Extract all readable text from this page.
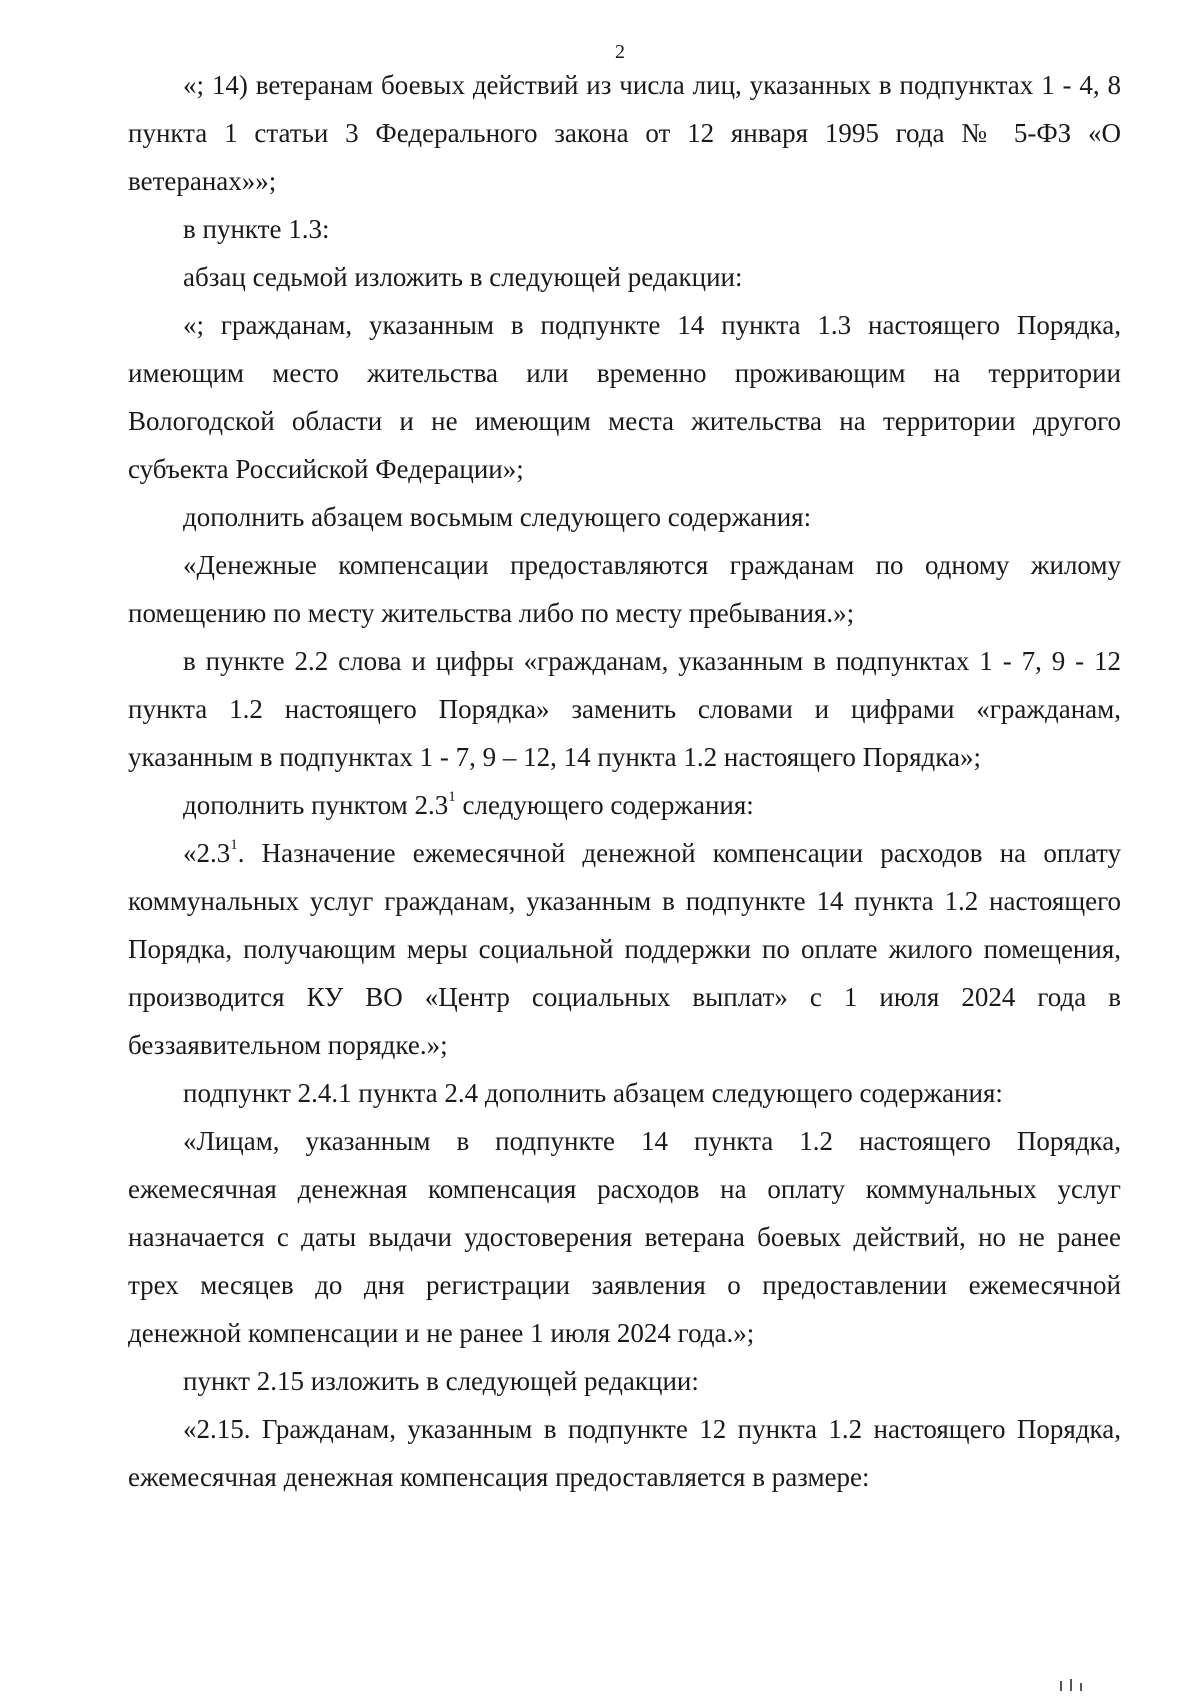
2

«; 14) ветеранам боевых действий из числа лиц, указанных в подпунктах 1 - 4, 8 пункта 1 статьи 3 Федерального закона от 12 января 1995 года № 5-ФЗ «О ветеранах»»;

в пункте 1.3:

абзац седьмой изложить в следующей редакции:

«; гражданам, указанным в подпункте 14 пункта 1.3 настоящего Порядка, имеющим место жительства или временно проживающим на территории Вологодской области и не имеющим места жительства на территории другого субъекта Российской Федерации»;

дополнить абзацем восьмым следующего содержания:

«Денежные компенсации предоставляются гражданам по одному жилому помещению по месту жительства либо по месту пребывания.»;

в пункте 2.2 слова и цифры «гражданам, указанным в подпунктах 1 - 7, 9 - 12 пункта 1.2 настоящего Порядка» заменить словами и цифрами «гражданам, указанным в подпунктах 1 - 7, 9 – 12, 14 пункта 1.2 настоящего Порядка»;

дополнить пунктом $2.3^1$ следующего содержания:

«$2.3^1$. Назначение ежемесячной денежной компенсации расходов на оплату коммунальных услуг гражданам, указанным в подпункте 14 пункта 1.2 настоящего Порядка, получающим меры социальной поддержки по оплате жилого помещения, производится КУ ВО «Центр социальных выплат» с 1 июля 2024 года в беззаявительном порядке.»;

подпункт 2.4.1 пункта 2.4 дополнить абзацем следующего содержания:

«Лицам, указанным в подпункте 14 пункта 1.2 настоящего Порядка, ежемесячная денежная компенсация расходов на оплату коммунальных услуг назначается с даты выдачи удостоверения ветерана боевых действий, но не ранее трех месяцев до дня регистрации заявления о предоставлении ежемесячной денежной компенсации и не ранее 1 июля 2024 года.»;

пункт 2.15 изложить в следующей редакции:

«2.15. Гражданам, указанным в подпункте 12 пункта 1.2 настоящего Порядка, ежемесячная денежная компенсация предоставляется в размере:
